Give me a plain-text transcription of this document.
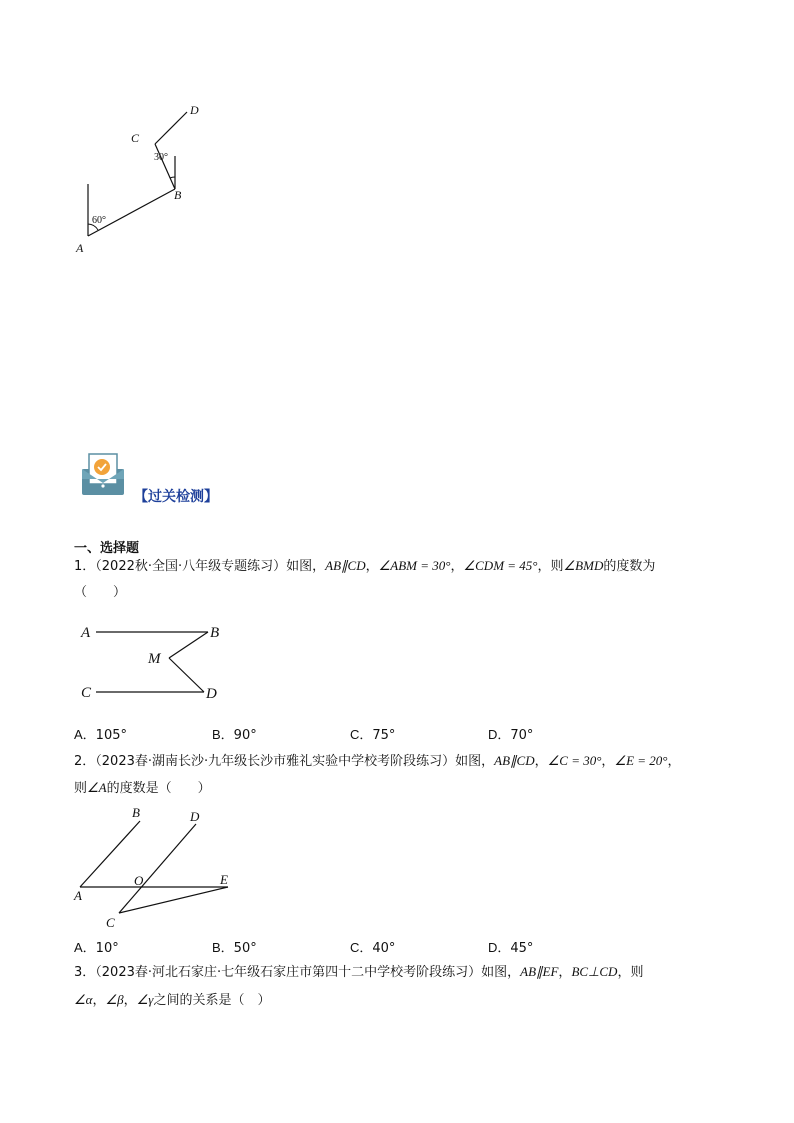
A
B
C
D
60°
30°
【过关检测】
一、选择题
1．（2022秋·全国·八年级专题练习）如图，AB∥CD，∠ABM = 30°，∠CDM = 45°，则∠BMD的度数为
（　　）
A	B
M
C	D
A．105°	B．90°	C．75°	D．70°
2．（2023春·湖南长沙·九年级长沙市雅礼实验中学校考阶段练习）如图，AB∥CD，∠C = 30°，∠E = 20°，
则∠A的度数是（　　）
B	D
O	E
A
C
A．10°	B．50°	C．40°	D．45°
3．（2023春·河北石家庄·七年级石家庄市第四十二中学校考阶段练习）如图，AB∥EF，BC⊥CD，则
∠α，∠β，∠γ之间的关系是（　）
